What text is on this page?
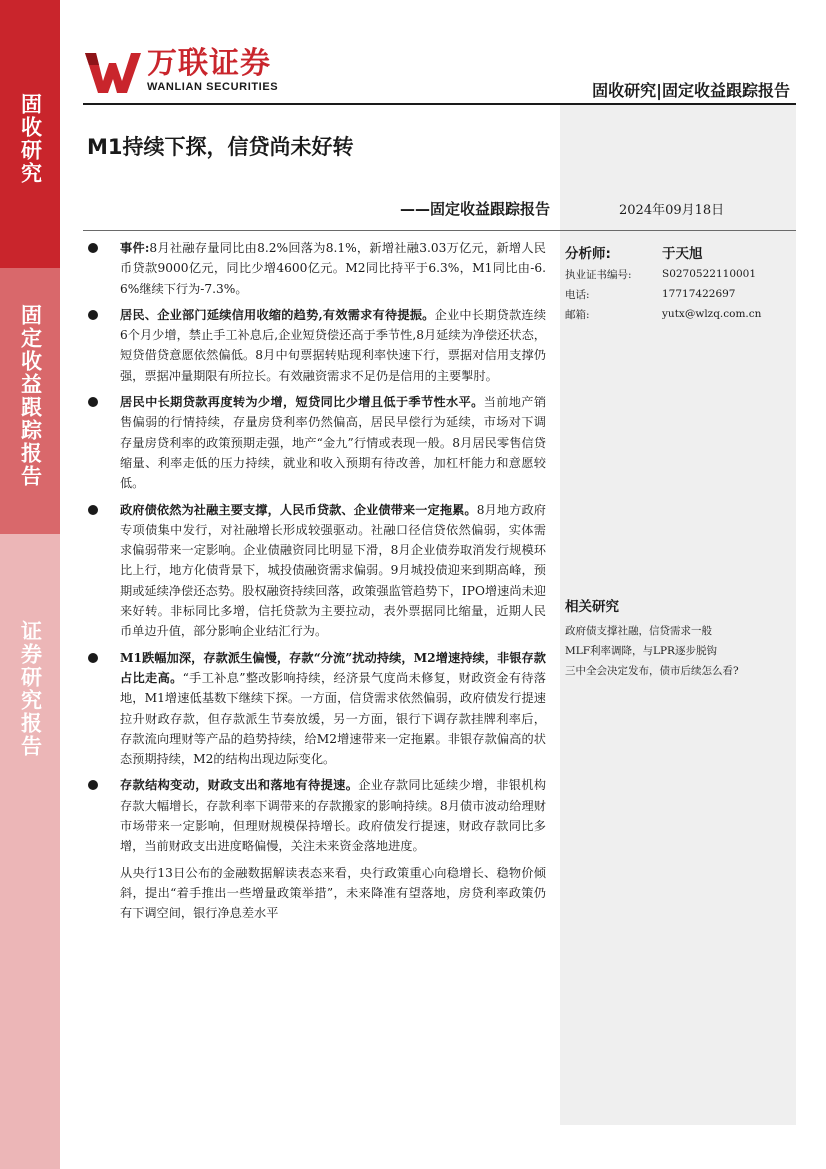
固收研究
固定收益跟踪报告
证券研究报告
万联证券
WANLIAN SECURITIES	固收研究|固定收益跟踪报告
M1持续下探，信贷尚未好转
——固定收益跟踪报告	2024年09月18日
事件:8月社融存量同比由8.2%回落为8.1%，新增社融3.03万亿元，新增人民币贷款9000亿元，同比少增4600亿元。M2同比持平于6.3%，M1同比由-6.6%继续下行为-7.3%。
居民、企业部门延续信用收缩的趋势,有效需求有待提振。企业中长期贷款连续6个月少增，禁止手工补息后,企业短贷偿还高于季节性,8月延续为净偿还状态，短贷借贷意愿依然偏低。8月中旬票据转贴现利率快速下行，票据对信用支撑仍强，票据冲量期限有所拉长。有效融资需求不足仍是信用的主要掣肘。
居民中长期贷款再度转为少增，短贷同比少增且低于季节性水平。当前地产销售偏弱的行情持续，存量房贷利率仍然偏高，居民早偿行为延续，市场对下调存量房贷利率的政策预期走强，地产“金九”行情或表现一般。8月居民零售信贷缩量、利率走低的压力持续，就业和收入预期有待改善，加杠杆能力和意愿较低。
政府债依然为社融主要支撑，人民币贷款、企业债带来一定拖累。8月地方政府专项债集中发行，对社融增长形成较强驱动。社融口径信贷依然偏弱，实体需求偏弱带来一定影响。企业债融资同比明显下滑，8月企业债券取消发行规模环比上行，地方化债背景下，城投债融资需求偏弱。9月城投债迎来到期高峰，预期或延续净偿还态势。股权融资持续回落，政策强监管趋势下，IPO增速尚未迎来好转。非标同比多增，信托贷款为主要拉动，表外票据同比缩量，近期人民币单边升值，部分影响企业结汇行为。
M1跌幅加深，存款派生偏慢，存款“分流”扰动持续，M2增速持续，非银存款占比走高。“手工补息”整改影响持续，经济景气度尚未修复，财政资金有待落地，M1增速低基数下继续下探。一方面，信贷需求依然偏弱，政府债发行提速拉升财政存款，但存款派生节奏放缓，另一方面，银行下调存款挂牌利率后，存款流向理财等产品的趋势持续，给M2增速带来一定拖累。非银存款偏高的状态预期持续，M2的结构出现边际变化。
存款结构变动，财政支出和落地有待提速。企业存款同比延续少增，非银机构存款大幅增长，存款利率下调带来的存款搬家的影响持续。8月债市波动给理财市场带来一定影响，但理财规模保持增长。政府债发行提速，财政存款同比多增，当前财政支出进度略偏慢，关注未来资金落地进度。

从央行13日公布的金融数据解读表态来看，央行政策重心向稳增长、稳物价倾斜，提出“着手推出一些增量政策举措”，未来降准有望落地，房贷利率政策仍有下调空间，银行净息差水平

分析师:	于天旭
执业证书编号:	S0270522110001
电话:	17717422697
邮箱:	yutx@wlzq.com.cn
相关研究
政府债支撑社融，信贷需求一般
MLF利率调降，与LPR逐步脱钩
三中全会决定发布，债市后续怎么看?
